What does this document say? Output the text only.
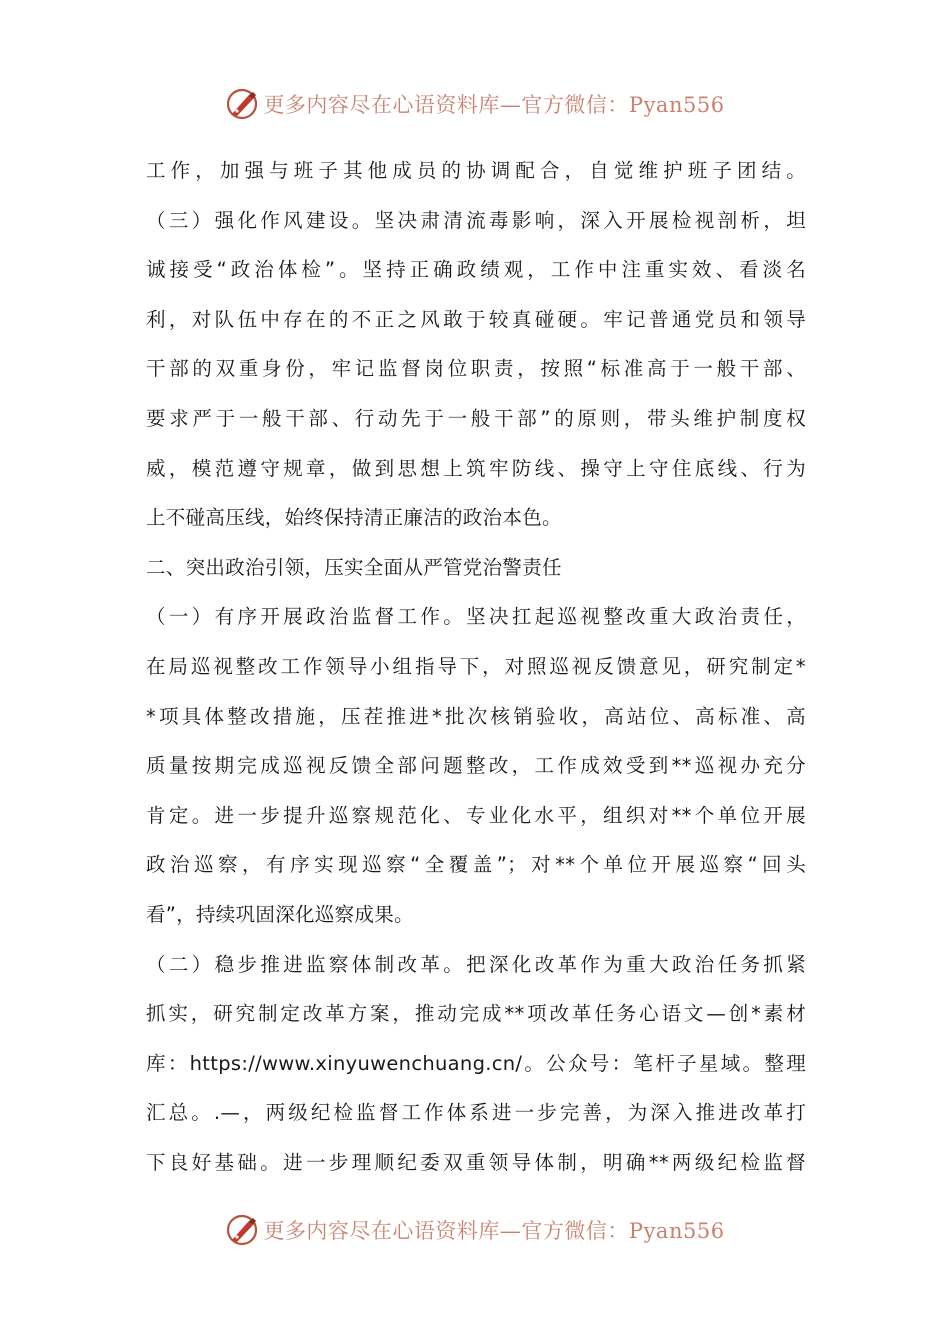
更多内容尽在心语资料库—官方微信：Pyan556
工作，加强与班子其他成员的协调配合，自觉维护班子团结。
（三）强化作风建设。坚决肃清流毒影响，深入开展检视剖析，坦
诚接受“政治体检”。坚持正确政绩观，工作中注重实效、看淡名
利，对队伍中存在的不正之风敢于较真碰硬。牢记普通党员和领导
干部的双重身份，牢记监督岗位职责，按照“标准高于一般干部、
要求严于一般干部、行动先于一般干部”的原则，带头维护制度权
威，模范遵守规章，做到思想上筑牢防线、操守上守住底线、行为
上不碰高压线，始终保持清正廉洁的政治本色。
二、突出政治引领，压实全面从严管党治警责任
（一）有序开展政治监督工作。坚决扛起巡视整改重大政治责任，
在局巡视整改工作领导小组指导下，对照巡视反馈意见，研究制定*
*项具体整改措施，压茬推进*批次核销验收，高站位、高标准、高
质量按期完成巡视反馈全部问题整改，工作成效受到**巡视办充分
肯定。进一步提升巡察规范化、专业化水平，组织对**个单位开展
政治巡察，有序实现巡察“全覆盖”；对**个单位开展巡察“回头
看”，持续巩固深化巡察成果。
（二）稳步推进监察体制改革。把深化改革作为重大政治任务抓紧
抓实，研究制定改革方案，推动完成**项改革任务心语文—创*素材
库：https://www.xinyuwenchuang.cn/。公众号：笔杆子星域。整理
汇总。.—，两级纪检监督工作体系进一步完善，为深入推进改革打
下良好基础。进一步理顺纪委双重领导体制，明确**两级纪检监督
更多内容尽在心语资料库—官方微信：Pyan556
